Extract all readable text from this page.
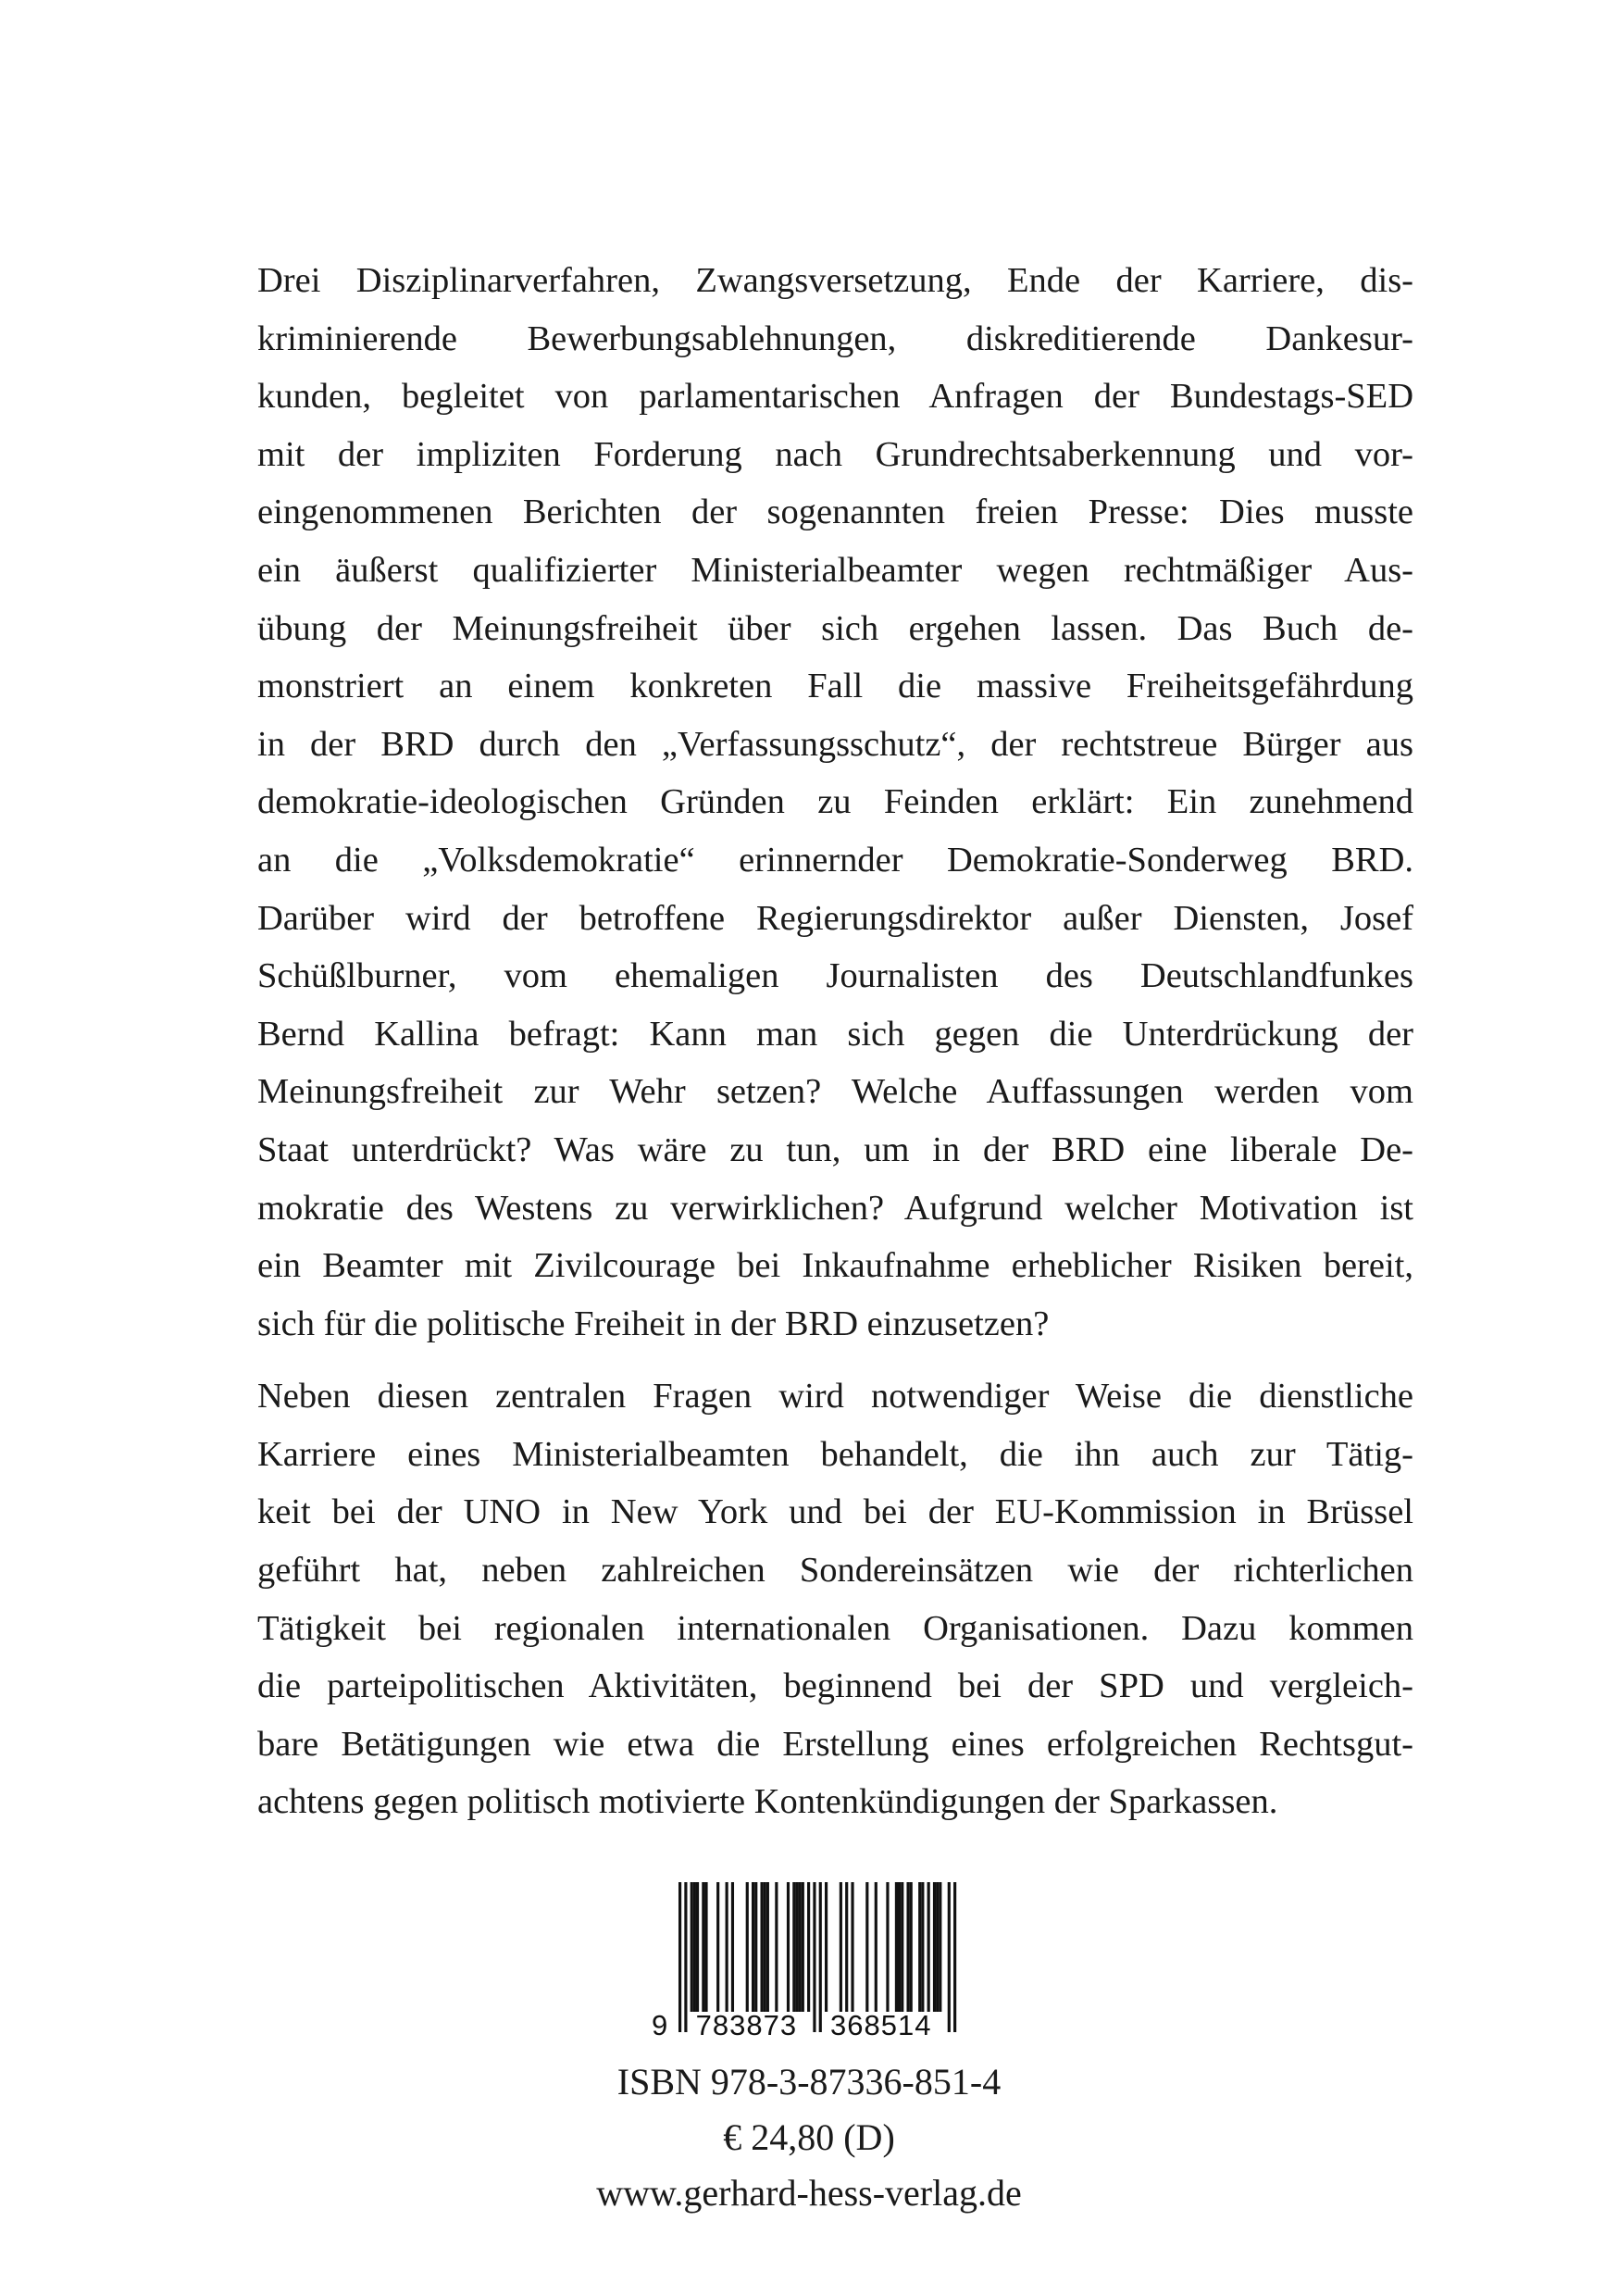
Drei Disziplinarverfahren, Zwangsversetzung, Ende der Karriere, dis-
kriminierende Bewerbungsablehnungen, diskreditierende Dankesur-
kunden, begleitet von parlamentarischen Anfragen der Bundestags-SED
mit der impliziten Forderung nach Grundrechtsaberkennung und vor-
eingenommenen Berichten der sogenannten freien Presse: Dies musste
ein äußerst qualifizierter Ministerialbeamter wegen rechtmäßiger Aus-
übung der Meinungsfreiheit über sich ergehen lassen. Das Buch de-
monstriert an einem konkreten Fall die massive Freiheitsgefährdung
in der BRD durch den „Verfassungsschutz“, der rechtstreue Bürger aus
demokratie-ideologischen Gründen zu Feinden erklärt: Ein zunehmend
an die „Volksdemokratie“ erinnernder Demokratie-Sonderweg BRD.
Darüber wird der betroffene Regierungsdirektor außer Diensten, Josef
Schüßlburner, vom ehemaligen Journalisten des Deutschlandfunkes
Bernd Kallina befragt: Kann man sich gegen die Unterdrückung der
Meinungsfreiheit zur Wehr setzen? Welche Auffassungen werden vom
Staat unterdrückt? Was wäre zu tun, um in der BRD eine liberale De-
mokratie des Westens zu verwirklichen? Aufgrund welcher Motivation ist
ein Beamter mit Zivilcourage bei Inkaufnahme erheblicher Risiken bereit,
sich für die politische Freiheit in der BRD einzusetzen?
Neben diesen zentralen Fragen wird notwendiger Weise die dienstliche
Karriere eines Ministerialbeamten behandelt, die ihn auch zur Tätig-
keit bei der UNO in New York und bei der EU-Kommission in Brüssel
geführt hat, neben zahlreichen Sondereinsätzen wie der richterlichen
Tätigkeit bei regionalen internationalen Organisationen. Dazu kommen
die parteipolitischen Aktivitäten, beginnend bei der SPD und vergleich-
bare Betätigungen wie etwa die Erstellung eines erfolgreichen Rechtsgut-
achtens gegen politisch motivierte Kontenkündigungen der Sparkassen.
9 783873 368514
ISBN 978-3-87336-851-4
€ 24,80 (D)
www.gerhard-hess-verlag.de
